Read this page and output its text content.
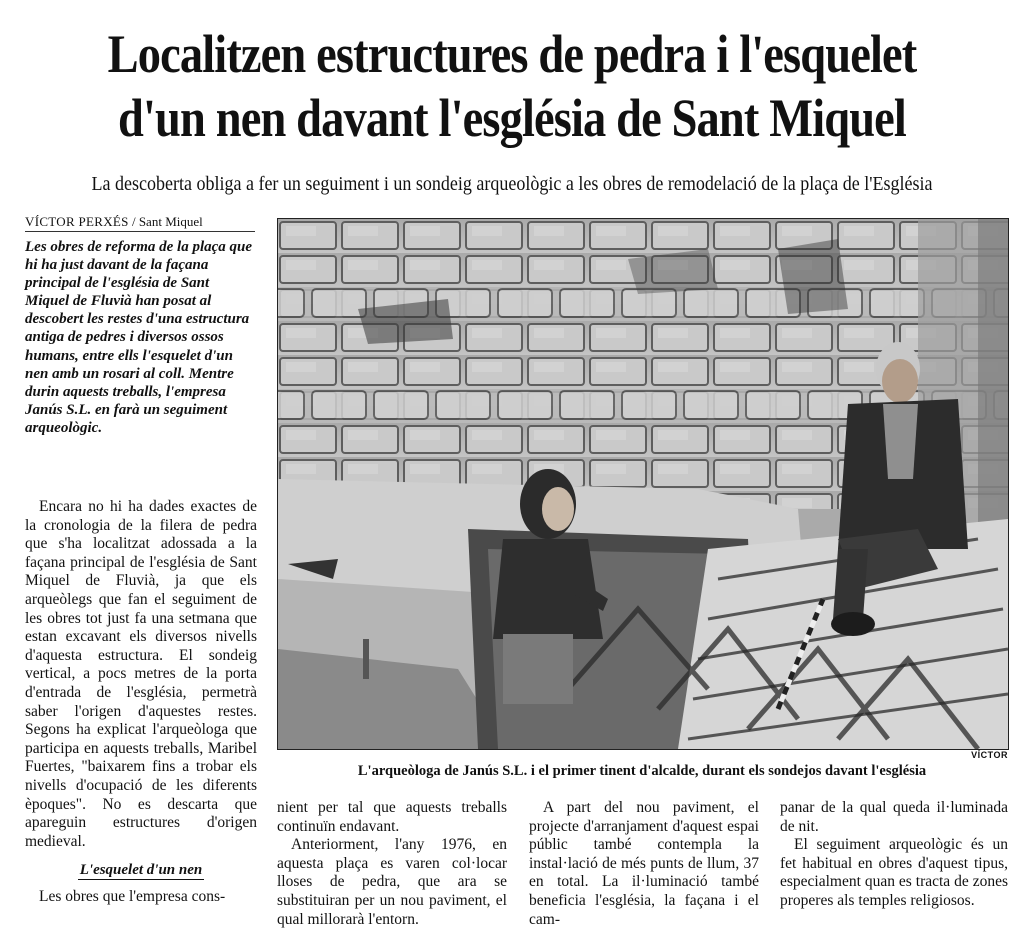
Localitzen estructures de pedra i l'esquelet
d'un nen davant l'església de Sant Miquel
La descoberta obliga a fer un seguiment i un sondeig arqueològic a les obres de remodelació de la plaça de l'Església
VÍCTOR PERXÉS / Sant Miquel

Les obres de reforma de la plaça que hi ha just davant de la façana principal de l'església de Sant Miquel de Fluvià han posat al descobert les restes d'una estructura antiga de pedres i diversos ossos humans, entre ells l'esquelet d'un nen amb un rosari al coll. Mentre durin aquests treballs, l'empresa Janús S.L. en farà un seguiment arqueològic.

Encara no hi ha dades exactes de la cronologia de la filera de pedra que s'ha localitzat adossada a la façana principal de l'església de Sant Miquel de Fluvià, ja que els arqueòlegs que fan el seguiment de les obres tot just fa una setmana que estan excavant els diversos nivells d'aquesta estructura. El sondeig vertical, a pocs metres de la porta d'entrada de l'església, permetrà saber l'origen d'aquestes restes. Segons ha explicat l'arqueòloga que participa en aquests treballs, Maribel Fuertes, "baixarem fins a trobar els nivells d'ocupació de les diferents èpoques". No es descarta que apareguin estructures d'origen medieval.

L'esquelet d'un nen

Les obres que l'empresa cons-

VÍCTOR
L'arqueòloga de Janús S.L. i el primer tinent d'alcalde, durant els sondejos davant l'església

nient per tal que aquests treballs continuïn endavant.

Anteriorment, l'any 1976, en aquesta plaça es varen col·locar lloses de pedra, que ara se substituiran per un nou paviment, el qual millorarà l'entorn.

A part del nou paviment, el projecte d'arranjament d'aquest espai públic també contempla la instal·lació de més punts de llum, 37 en total. La il·luminació també beneficia l'església, la façana i el cam-

panar de la qual queda il·luminada de nit.

El seguiment arqueològic és un fet habitual en obres d'aquest tipus, especialment quan es tracta de zones properes als temples religiosos.
